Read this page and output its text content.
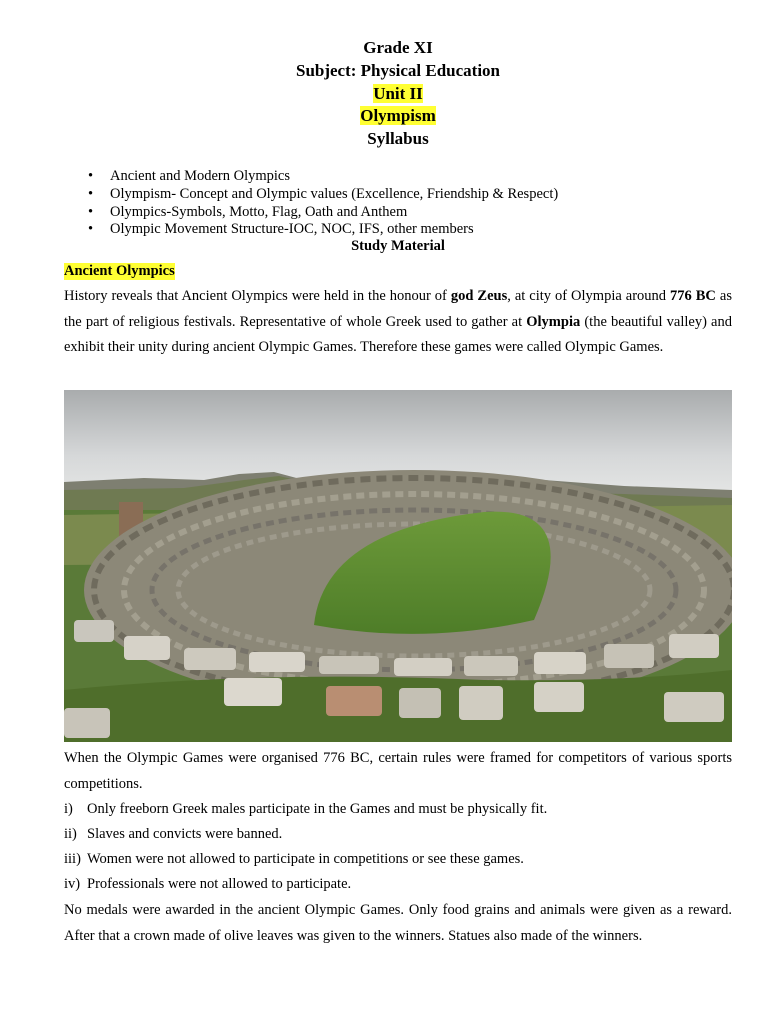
Grade XI
Subject: Physical Education
Unit II
Olympism
Syllabus
• Ancient and Modern Olympics
• Olympism- Concept and Olympic values (Excellence, Friendship & Respect)
• Olympics-Symbols, Motto, Flag, Oath and Anthem
• Olympic Movement Structure-IOC, NOC, IFS, other members
Study Material
Ancient Olympics
History reveals that Ancient Olympics were held in the honour of god Zeus, at city of Olympia around 776 BC as the part of religious festivals. Representative of whole Greek used to gather at Olympia (the beautiful valley) and exhibit their unity during ancient Olympic Games. Therefore these games were called Olympic Games.
When the Olympic Games were organised 776 BC, certain rules were framed for competitors of various sports competitions.
i) Only freeborn Greek males participate in the Games and must be physically fit.
ii) Slaves and convicts were banned.
iii) Women were not allowed to participate in competitions or see these games.
iv) Professionals were not allowed to participate.
No medals were awarded in the ancient Olympic Games. Only food grains and animals were given as a reward. After that a crown made of olive leaves was given to the winners. Statues also made of the winners.
